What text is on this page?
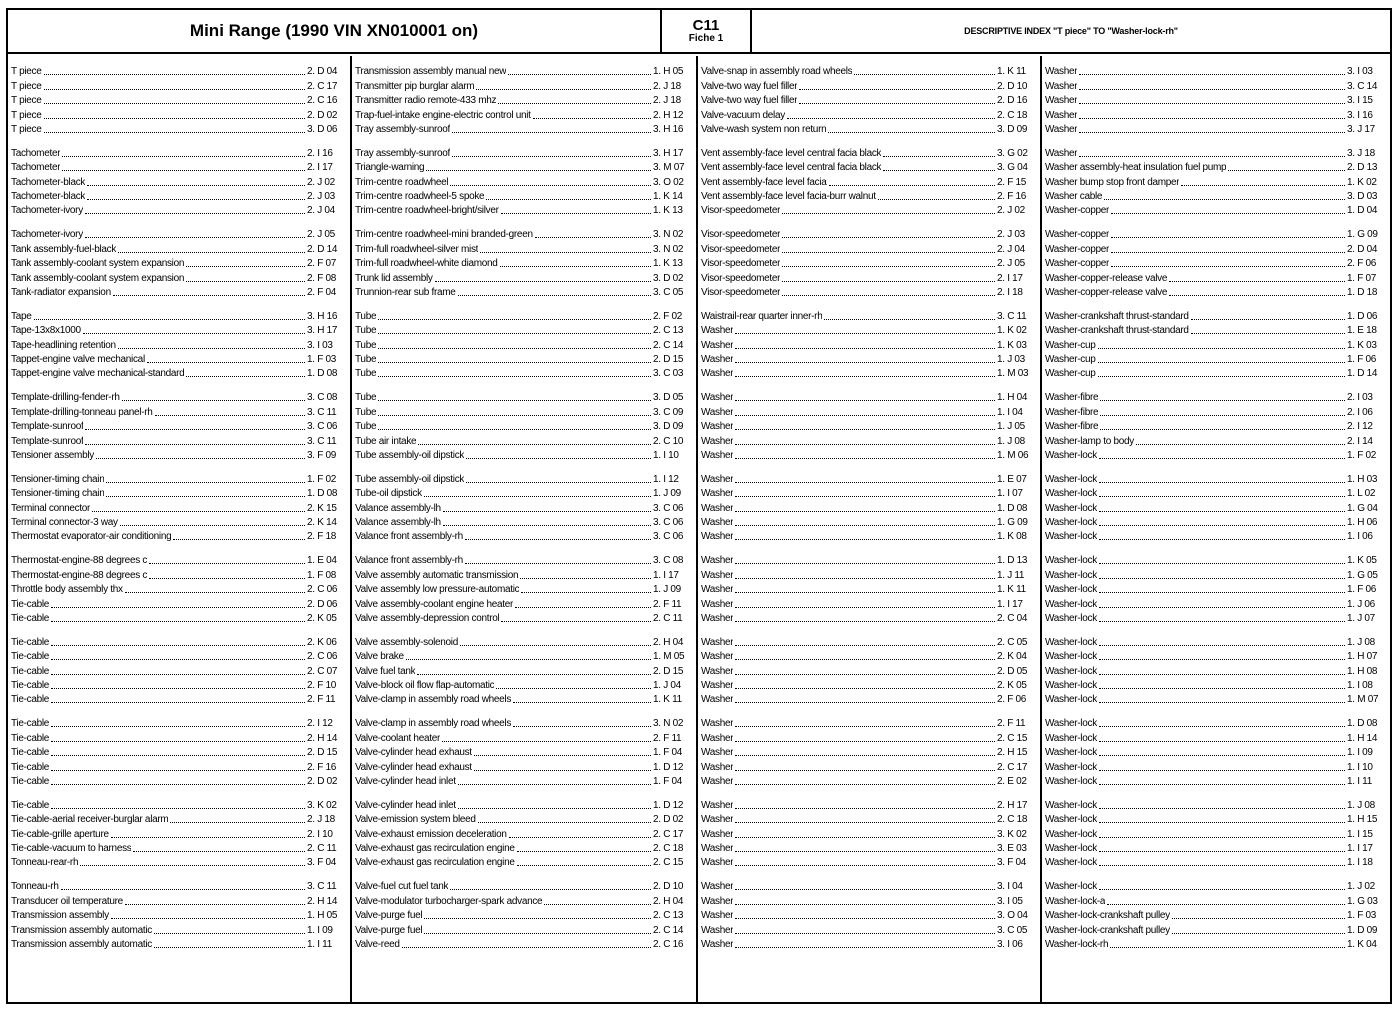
Mini Range (1990 VIN XN010001 on)	C11
Fiche 1
DESCRIPTIVE INDEX "T piece" TO "Washer-lock-rh"
T piece	2. D 04
T piece	2. C 17
T piece	2. C 16
T piece	2. D 02
T piece	3. D 06
Tachometer	2. I 16
Tachometer	2. I 17
Tachometer-black	2. J 02
Tachometer-black	2. J 03
Tachometer-ivory	2. J 04
Tachometer-ivory	2. J 05
Tank assembly-fuel-black	2. D 14
Tank assembly-coolant system expansion	2. F 07
Tank assembly-coolant system expansion	2. F 08
Tank-radiator expansion	2. F 04
Tape	3. H 16
Tape-13x8x1000	3. H 17
Tape-headlining retention	3. I 03
Tappet-engine valve mechanical	1. F 03
Tappet-engine valve mechanical-standard	1. D 08
Template-drilling-fender-rh	3. C 08
Template-drilling-tonneau panel-rh	3. C 11
Template-sunroof	3. C 06
Template-sunroof	3. C 11
Tensioner assembly	3. F 09
Tensioner-timing chain	1. F 02
Tensioner-timing chain	1. D 08
Terminal connector	2. K 15
Terminal connector-3 way	2. K 14
Thermostat evaporator-air conditioning	2. F 18
Thermostat-engine-88 degrees c	1. E 04
Thermostat-engine-88 degrees c	1. F 08
Throttle body assembly thx	2. C 06
Tie-cable	2. D 06
Tie-cable	2. K 05
Tie-cable	2. K 06
Tie-cable	2. C 06
Tie-cable	2. C 07
Tie-cable	2. F 10
Tie-cable	2. F 11
Tie-cable	2. I 12
Tie-cable	2. H 14
Tie-cable	2. D 15
Tie-cable	2. F 16
Tie-cable	2. D 02
Tie-cable	3. K 02
Tie-cable-aerial receiver-burglar alarm	2. J 18
Tie-cable-grille aperture	2. I 10
Tie-cable-vacuum to harness	2. C 11
Tonneau-rear-rh	3. F 04
Tonneau-rh	3. C 11
Transducer oil temperature	2. H 14
Transmission assembly	1. H 05
Transmission assembly automatic	1. I 09
Transmission assembly automatic	1. I 11
Transmission assembly manual new	1. H 05
Transmitter pip burglar alarm	2. J 18
Transmitter radio remote-433 mhz	2. J 18
Trap-fuel-intake engine-electric control unit	2. H 12
Tray assembly-sunroof	3. H 16
Tray assembly-sunroof	3. H 17
Triangle-warning	3. M 07
Trim-centre roadwheel	3. O 02
Trim-centre roadwheel-5 spoke	1. K 14
Trim-centre roadwheel-bright/silver	1. K 13
Trim-centre roadwheel-mini branded-green	3. N 02
Trim-full roadwheel-silver mist	3. N 02
Trim-full roadwheel-white diamond	1. K 13
Trunk lid assembly	3. D 02
Trunnion-rear sub frame	3. C 05
Tube	2. F 02
Tube	2. C 13
Tube	2. C 14
Tube	2. D 15
Tube	3. C 03
Tube	3. D 05
Tube	3. C 09
Tube	3. D 09
Tube air intake	2. C 10
Tube assembly-oil dipstick	1. I 10
Tube assembly-oil dipstick	1. I 12
Tube-oil dipstick	1. J 09
Valance assembly-lh	3. C 06
Valance assembly-lh	3. C 06
Valance front assembly-rh	3. C 06
Valance front assembly-rh	3. C 08
Valve assembly automatic transmission	1. I 17
Valve assembly low pressure-automatic	1. J 09
Valve assembly-coolant engine heater	2. F 11
Valve assembly-depression control	2. C 11
Valve assembly-solenoid	2. H 04
Valve brake	1. M 05
Valve fuel tank	2. D 15
Valve-block oil flow flap-automatic	1. J 04
Valve-clamp in assembly road wheels	1. K 11
Valve-clamp in assembly road wheels	3. N 02
Valve-coolant heater	2. F 11
Valve-cylinder head exhaust	1. F 04
Valve-cylinder head exhaust	1. D 12
Valve-cylinder head inlet	1. F 04
Valve-cylinder head inlet	1. D 12
Valve-emission system bleed	2. D 02
Valve-exhaust emission deceleration	2. C 17
Valve-exhaust gas recirculation engine	2. C 18
Valve-exhaust gas recirculation engine	2. C 15
Valve-fuel cut fuel tank	2. D 10
Valve-modulator turbocharger-spark advance	2. H 04
Valve-purge fuel	2. C 13
Valve-purge fuel	2. C 14
Valve-reed	2. C 16
Valve-snap in assembly road wheels	1. K 11
Valve-two way fuel filler	2. D 10
Valve-two way fuel filler	2. D 16
Valve-vacuum delay	2. C 18
Valve-wash system non return	3. D 09
Vent assembly-face level central facia black	3. G 02
Vent assembly-face level central facia black	3. G 04
Vent assembly-face level facia	2. F 15
Vent assembly-face level facia-burr walnut	2. F 16
Visor-speedometer	2. J 02
Visor-speedometer	2. J 03
Visor-speedometer	2. J 04
Visor-speedometer	2. J 05
Visor-speedometer	2. I 17
Visor-speedometer	2. I 18
Waistrail-rear quarter inner-rh	3. C 11
Washer	1. K 02
Washer	1. K 03
Washer	1. J 03
Washer	1. M 03
Washer	1. H 04
Washer	1. I 04
Washer	1. J 05
Washer	1. J 08
Washer	1. M 06
Washer	1. E 07
Washer	1. I 07
Washer	1. D 08
Washer	1. G 09
Washer	1. K 08
Washer	1. D 13
Washer	1. J 11
Washer	1. K 11
Washer	1. I 17
Washer	2. C 04
Washer	2. C 05
Washer	2. K 04
Washer	2. D 05
Washer	2. K 05
Washer	2. F 06
Washer	2. F 11
Washer	2. C 15
Washer	2. H 15
Washer	2. C 17
Washer	2. E 02
Washer	2. H 17
Washer	2. C 18
Washer	3. K 02
Washer	3. E 03
Washer	3. F 04
Washer	3. I 04
Washer	3. I 05
Washer	3. O 04
Washer	3. C 05
Washer	3. I 06
Washer	3. I 03
Washer	3. C 14
Washer	3. I 15
Washer	3. I 16
Washer	3. J 17
Washer	3. J 18
Washer assembly-heat insulation fuel pump	2. D 13
Washer bump stop front damper	1. K 02
Washer cable	3. D 03
Washer-copper	1. D 04
Washer-copper	1. G 09
Washer-copper	2. D 04
Washer-copper	2. F 06
Washer-copper-release valve	1. F 07
Washer-copper-release valve	1. D 18
Washer-crankshaft thrust-standard	1. D 06
Washer-crankshaft thrust-standard	1. E 18
Washer-cup	1. K 03
Washer-cup	1. F 06
Washer-cup	1. D 14
Washer-fibre	2. I 03
Washer-fibre	2. I 06
Washer-fibre	2. I 12
Washer-lamp to body	2. I 14
Washer-lock	1. F 02
Washer-lock	1. H 03
Washer-lock	1. L 02
Washer-lock	1. G 04
Washer-lock	1. H 06
Washer-lock	1. I 06
Washer-lock	1. K 05
Washer-lock	1. G 05
Washer-lock	1. F 06
Washer-lock	1. J 06
Washer-lock	1. J 07
Washer-lock	1. J 08
Washer-lock	1. H 07
Washer-lock	1. H 08
Washer-lock	1. I 08
Washer-lock	1. M 07
Washer-lock	1. D 08
Washer-lock	1. H 14
Washer-lock	1. I 09
Washer-lock	1. I 10
Washer-lock	1. I 11
Washer-lock	1. J 08
Washer-lock	1. H 15
Washer-lock	1. I 15
Washer-lock	1. I 17
Washer-lock	1. I 18
Washer-lock	1. J 02
Washer-lock-a	1. G 03
Washer-lock-crankshaft pulley	1. F 03
Washer-lock-crankshaft pulley	1. D 09
Washer-lock-rh	1. K 04
